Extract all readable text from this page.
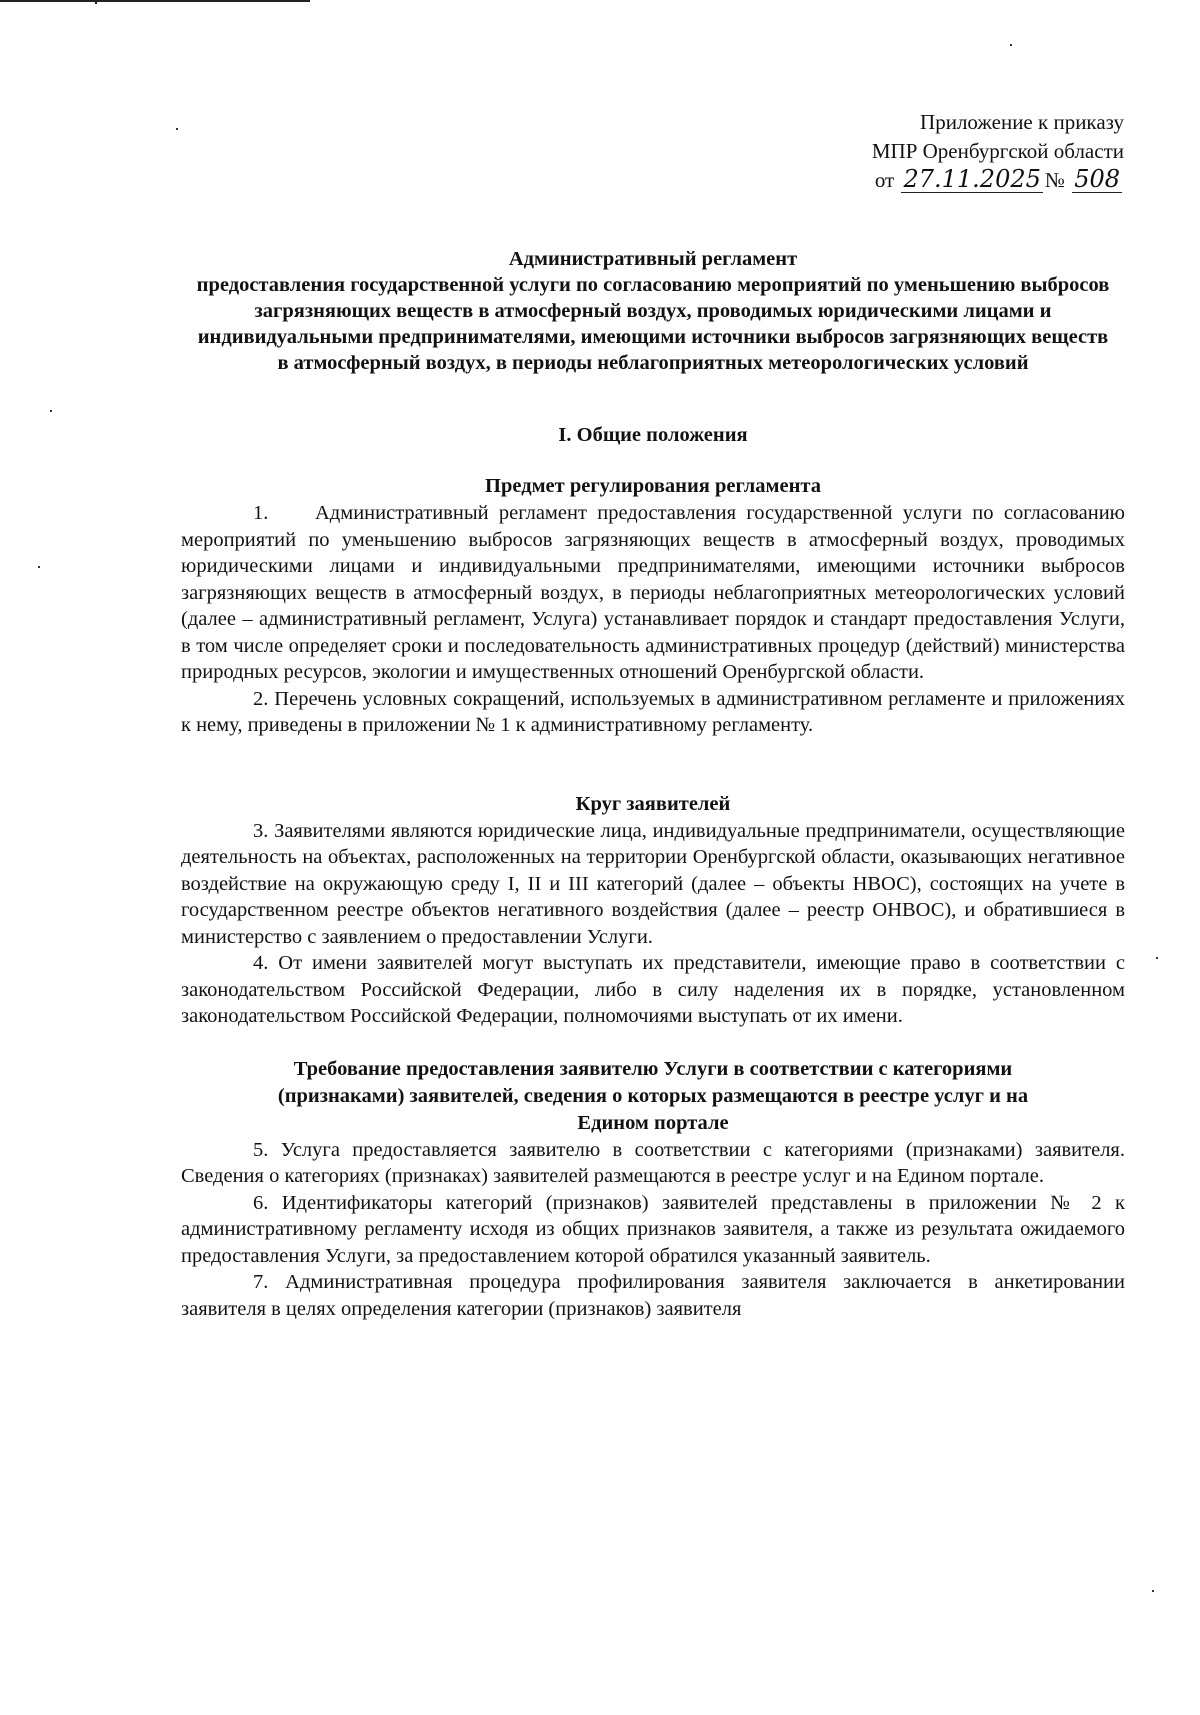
Приложение к приказу
МПР Оренбургской области
от 27.11.2025 № 508

Административный регламент

предоставления государственной услуги по согласованию мероприятий по уменьшению выбросов загрязняющих веществ в атмосферный воздух, проводимых юридическими лицами и индивидуальными предпринимателями, имеющими источники выбросов загрязняющих веществ в атмосферный воздух, в периоды неблагоприятных метеорологических условий

I. Общие положения

Предмет регулирования регламента

1. Административный регламент предоставления государственной услуги по согласованию мероприятий по уменьшению выбросов загрязняющих веществ в атмосферный воздух, проводимых юридическими лицами и индивидуальными предпринимателями, имеющими источники выбросов загрязняющих веществ в атмосферный воздух, в периоды неблагоприятных метеорологических условий (далее – административный регламент, Услуга) устанавливает порядок и стандарт предоставления Услуги, в том числе определяет сроки и последовательность административных процедур (действий) министерства природных ресурсов, экологии и имущественных отношений Оренбургской области.

2. Перечень условных сокращений, используемых в административном регламенте и приложениях к нему, приведены в приложении № 1 к административному регламенту.

Круг заявителей

3. Заявителями являются юридические лица, индивидуальные предприниматели, осуществляющие деятельность на объектах, расположенных на территории Оренбургской области, оказывающих негативное воздействие на окружающую среду I, II и III категорий (далее – объекты НВОС), состоящих на учете в государственном реестре объектов негативного воздействия (далее – реестр ОНВОС), и обратившиеся в министерство с заявлением о предоставлении Услуги.

4. От имени заявителей могут выступать их представители, имеющие право в соответствии с законодательством Российской Федерации, либо в силу наделения их в порядке, установленном законодательством Российской Федерации, полномочиями выступать от их имени.

Требование предоставления заявителю Услуги в соответствии с категориями

(признаками) заявителей, сведения о которых размещаются в реестре услуг и на

Едином портале

5. Услуга предоставляется заявителю в соответствии с категориями (признаками) заявителя. Сведения о категориях (признаках) заявителей размещаются в реестре услуг и на Едином портале.

6. Идентификаторы категорий (признаков) заявителей представлены в приложении № 2 к административному регламенту исходя из общих признаков заявителя, а также из результата ожидаемого предоставления Услуги, за предоставлением которой обратился указанный заявитель.

7. Административная процедура профилирования заявителя заключается в анкетировании заявителя в целях определения категории (признаков) заявителя
